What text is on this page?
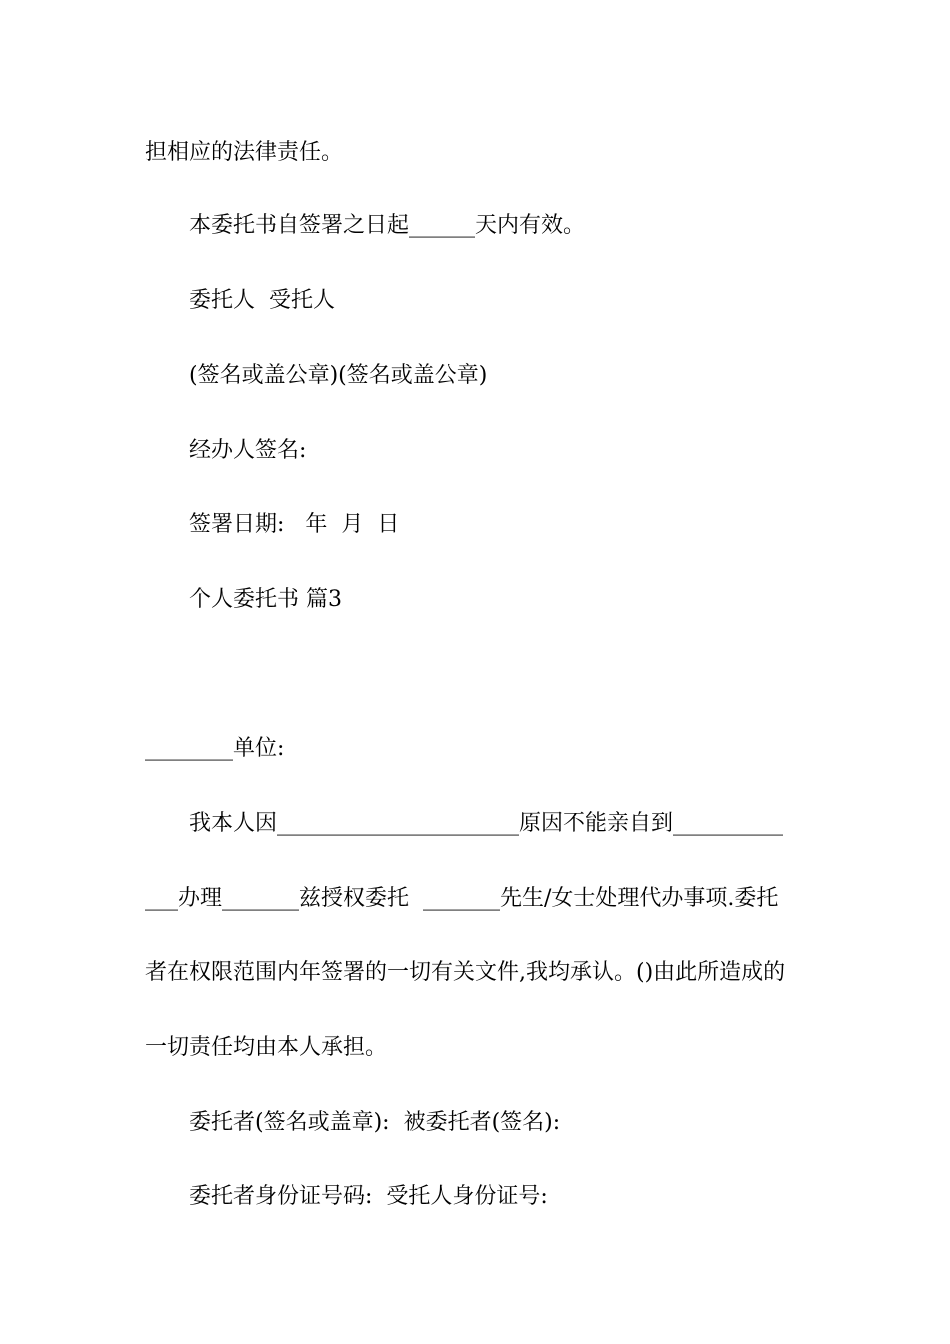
担相应的法律责任。
本委托书自签署之日起______天内有效。
委托人  受托人
(签名或盖公章)(签名或盖公章)
经办人签名:
签署日期:   年  月  日
个人委托书 篇3
________单位:
我本人因______________________原因不能亲自到__________
___办理_______兹授权委托  _______先生/女士处理代办事项.委托
者在权限范围内年签署的一切有关文件,我均承认。()由此所造成的
一切责任均由本人承担。
委托者(签名或盖章):  被委托者(签名):
委托者身份证号码:  受托人身份证号:
